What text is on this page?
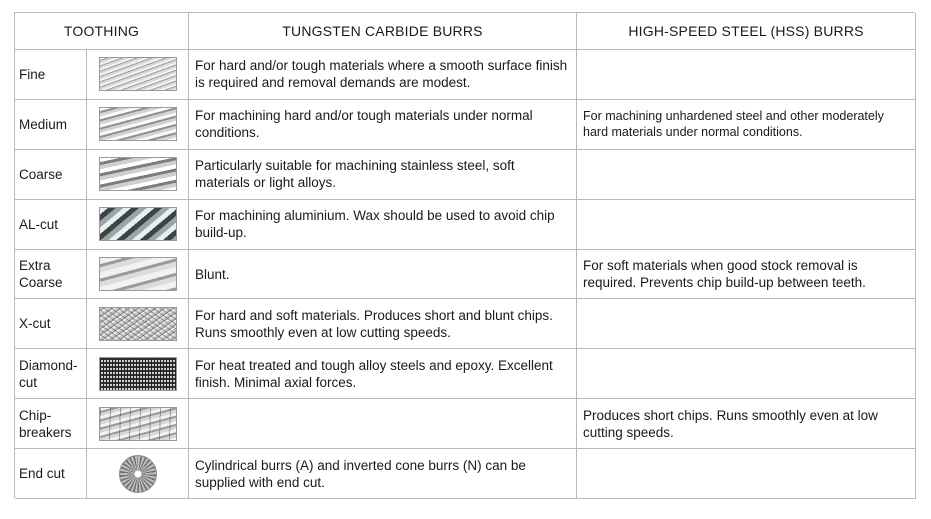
TOOTHING	TUNGSTEN CARBIDE BURRS	HIGH-SPEED STEEL (HSS) BURRS
Fine
For hard and/or tough materials where a smooth surface finish is required and removal demands are modest.
Medium
For machining hard and/or tough materials under normal conditions.
For machining unhardened steel and other moderately hard materials under normal conditions.
Coarse
Particularly suitable for machining stainless steel, soft materials or light alloys.
AL-cut
For machining aluminium. Wax should be used to avoid chip build-up.
Extra Coarse
Blunt.
For soft materials when good stock removal is required. Prevents chip build-up between teeth.
X-cut
For hard and soft materials. Produces short and blunt chips. Runs smoothly even at low cutting speeds.
Diamond-cut
For heat treated and tough alloy steels and epoxy. Excellent finish. Minimal axial forces.
Chip-breakers
Produces short chips. Runs smoothly even at low cutting speeds.
End cut
Cylindrical burrs (A) and inverted cone burrs (N) can be supplied with end cut.
